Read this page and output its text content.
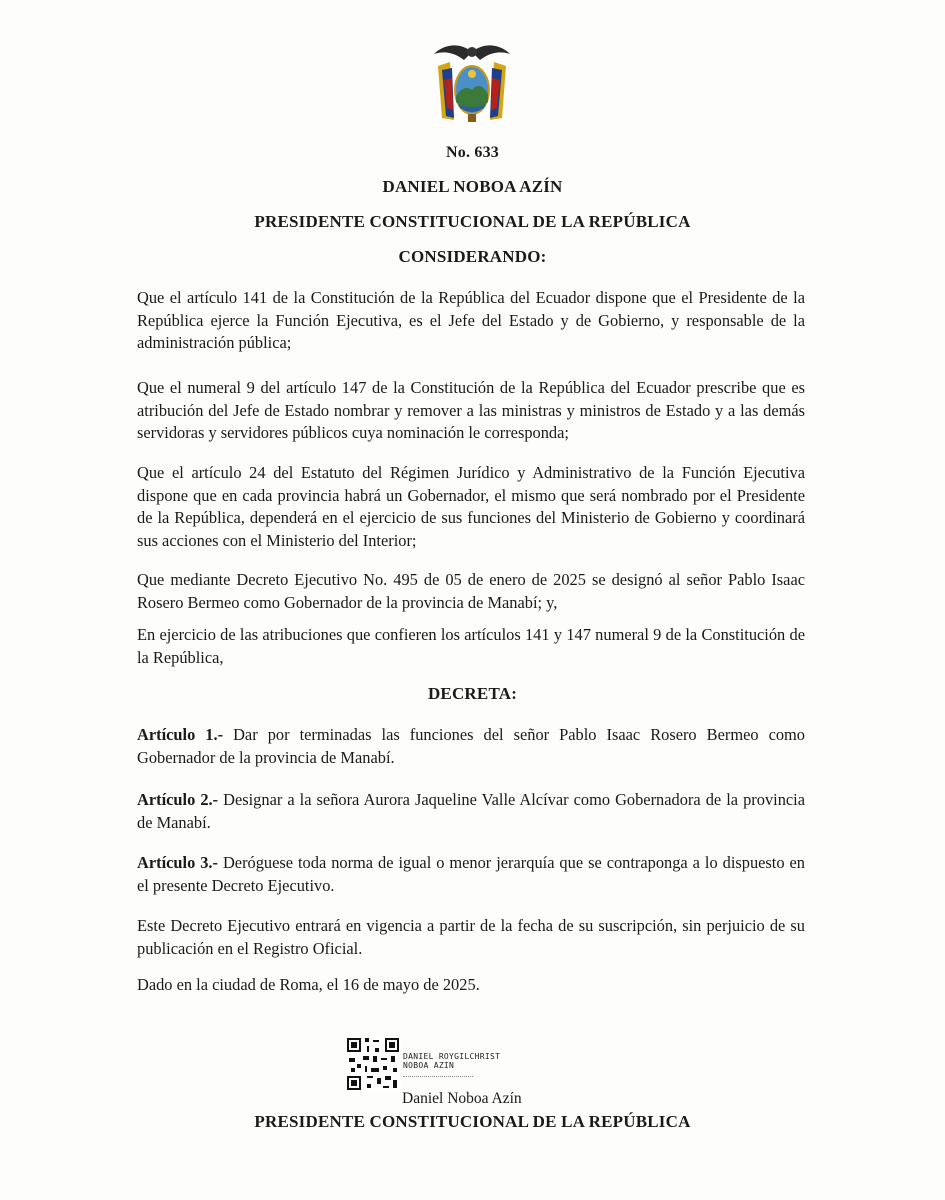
No. 633
DANIEL NOBOA AZÍN
PRESIDENTE CONSTITUCIONAL DE LA REPÚBLICA
CONSIDERANDO:

Que el artículo 141 de la Constitución de la República del Ecuador dispone que el Presidente de la República ejerce la Función Ejecutiva, es el Jefe del Estado y de Gobierno, y responsable de la administración pública;

Que el numeral 9 del artículo 147 de la Constitución de la República del Ecuador prescribe que es atribución del Jefe de Estado nombrar y remover a las ministras y ministros de Estado y a las demás servidoras y servidores públicos cuya nominación le corresponda;

Que el artículo 24 del Estatuto del Régimen Jurídico y Administrativo de la Función Ejecutiva dispone que en cada provincia habrá un Gobernador, el mismo que será nombrado por el Presidente de la República, dependerá en el ejercicio de sus funciones del Ministerio de Gobierno y coordinará sus acciones con el Ministerio del Interior;

Que mediante Decreto Ejecutivo No. 495 de 05 de enero de 2025 se designó al señor Pablo Isaac Rosero Bermeo como Gobernador de la provincia de Manabí; y,

En ejercicio de las atribuciones que confieren los artículos 141 y 147 numeral 9 de la Constitución de la República,

DECRETA:

Artículo 1.- Dar por terminadas las funciones del señor Pablo Isaac Rosero Bermeo como Gobernador de la provincia de Manabí.

Artículo 2.- Designar a la señora Aurora Jaqueline Valle Alcívar como Gobernadora de la provincia de Manabí.

Artículo 3.- Deróguese toda norma de igual o menor jerarquía que se contraponga a lo dispuesto en el presente Decreto Ejecutivo.

Este Decreto Ejecutivo entrará en vigencia a partir de la fecha de su suscripción, sin perjuicio de su publicación en el Registro Oficial.

Dado en la ciudad de Roma, el 16 de mayo de 2025.

DANIEL ROYGILCHRIST
NOBOA AZIN
Daniel Noboa Azín
PRESIDENTE CONSTITUCIONAL DE LA REPÚBLICA
